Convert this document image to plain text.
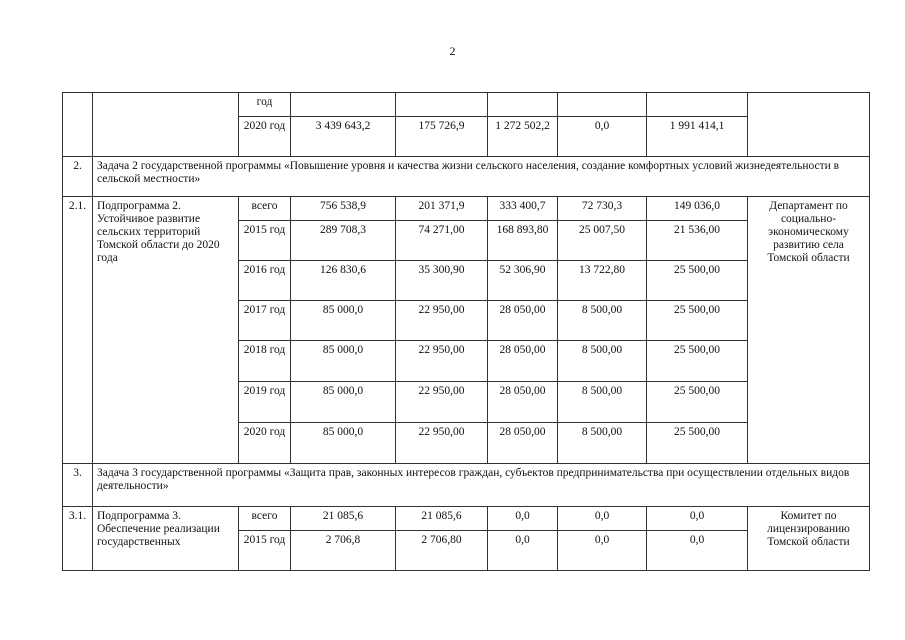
2
		год						
		2020 год	3 439 643,2	175 726,9	1 272 502,2	0,0	1 991 414,1	
2.	Задача 2 государственной программы «Повышение уровня и качества жизни сельского населения, создание комфортных условий жизнедеятельности в сельской местности»							
2.1.	Подпрограмма 2. Устойчивое развитие сельских территорий Томской области до 2020 года	всего	756 538,9	201 371,9	333 400,7	72 730,3	149 036,0	Департамент по социально-экономическому развитию села Томской области
		2015 год	289 708,3	74 271,00	168 893,80	25 007,50	21 536,00	
		2016 год	126 830,6	35 300,90	52 306,90	13 722,80	25 500,00	
		2017 год	85 000,0	22 950,00	28 050,00	8 500,00	25 500,00	
		2018 год	85 000,0	22 950,00	28 050,00	8 500,00	25 500,00	
		2019 год	85 000,0	22 950,00	28 050,00	8 500,00	25 500,00	
		2020 год	85 000,0	22 950,00	28 050,00	8 500,00	25 500,00	
3.	Задача 3 государственной программы «Защита прав, законных интересов граждан, субъектов предпринимательства при осуществлении отдельных видов деятельности»							
3.1.	Подпрограмма 3. Обеспечение реализации государственных	всего	21 085,6	21 085,6	0,0	0,0	0,0	Комитет по лицензированию Томской области
		2015 год	2 706,8	2 706,80	0,0	0,0	0,0	
